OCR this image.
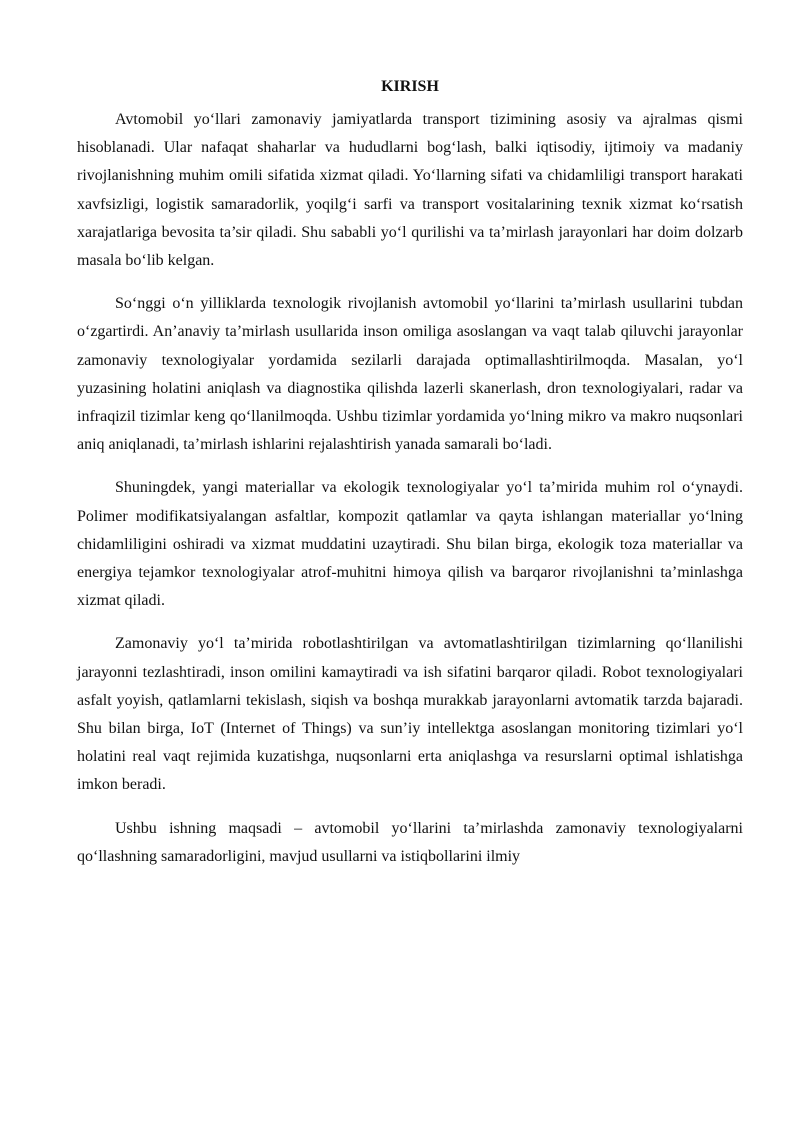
KIRISH

Avtomobil yo‘llari zamonaviy jamiyatlarda transport tizimining asosiy va ajralmas qismi hisoblanadi. Ular nafaqat shaharlar va hududlarni bog‘lash, balki iqtisodiy, ijtimoiy va madaniy rivojlanishning muhim omili sifatida xizmat qiladi. Yo‘llarning sifati va chidamliligi transport harakati xavfsizligi, logistik samaradorlik, yoqilg‘i sarfi va transport vositalarining texnik xizmat ko‘rsatish xarajatlariga bevosita ta’sir qiladi. Shu sababli yo‘l qurilishi va ta’mirlash jarayonlari har doim dolzarb masala bo‘lib kelgan.

So‘nggi o‘n yilliklarda texnologik rivojlanish avtomobil yo‘llarini ta’mirlash usullarini tubdan o‘zgartirdi. An’anaviy ta’mirlash usullarida inson omiliga asoslangan va vaqt talab qiluvchi jarayonlar zamonaviy texnologiyalar yordamida sezilarli darajada optimallashtirilmoqda. Masalan, yo‘l yuzasining holatini aniqlash va diagnostika qilishda lazerli skanerlash, dron texnologiyalari, radar va infraqizil tizimlar keng qo‘llanilmoqda. Ushbu tizimlar yordamida yo‘lning mikro va makro nuqsonlari aniq aniqlanadi, ta’mirlash ishlarini rejalashtirish yanada samarali bo‘ladi.

Shuningdek, yangi materiallar va ekologik texnologiyalar yo‘l ta’mirida muhim rol o‘ynaydi. Polimer modifikatsiyalangan asfaltlar, kompozit qatlamlar va qayta ishlangan materiallar yo‘lning chidamliligini oshiradi va xizmat muddatini uzaytiradi. Shu bilan birga, ekologik toza materiallar va energiya tejamkor texnologiyalar atrof-muhitni himoya qilish va barqaror rivojlanishni ta’minlashga xizmat qiladi.

Zamonaviy yo‘l ta’mirida robotlashtirilgan va avtomatlashtirilgan tizimlarning qo‘llanilishi jarayonni tezlashtiradi, inson omilini kamaytiradi va ish sifatini barqaror qiladi. Robot texnologiyalari asfalt yoyish, qatlamlarni tekislash, siqish va boshqa murakkab jarayonlarni avtomatik tarzda bajaradi. Shu bilan birga, IoT (Internet of Things) va sun’iy intellektga asoslangan monitoring tizimlari yo‘l holatini real vaqt rejimida kuzatishga, nuqsonlarni erta aniqlashga va resurslarni optimal ishlatishga imkon beradi.

Ushbu ishning maqsadi – avtomobil yo‘llarini ta’mirlashda zamonaviy texnologiyalarni qo‘llashning samaradorligini, mavjud usullarni va istiqbollarini ilmiy
